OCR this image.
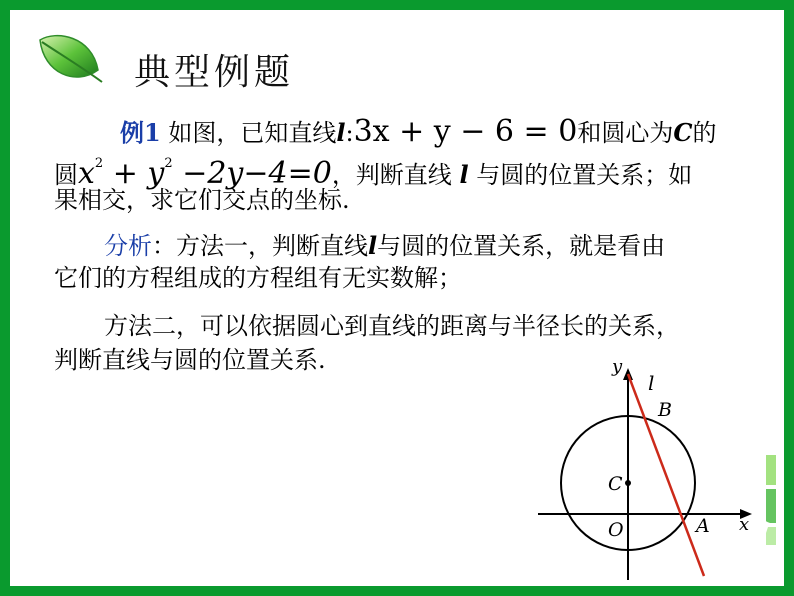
典型例题
例1 如图，已知直线l:3x + y − 6 = 0和圆心为C的
圆$x^2 + y^2 -2y-4=0$，判断直线 l 与圆的位置关系；如
果相交，求它们交点的坐标.
分析：方法一，判断直线l与圆的位置关系，就是看由
它们的方程组成的方程组有无实数解；
方法二，可以依据圆心到直线的距离与半径长的关系，
判断直线与圆的位置关系.	y
x
l
B
C
O	A
